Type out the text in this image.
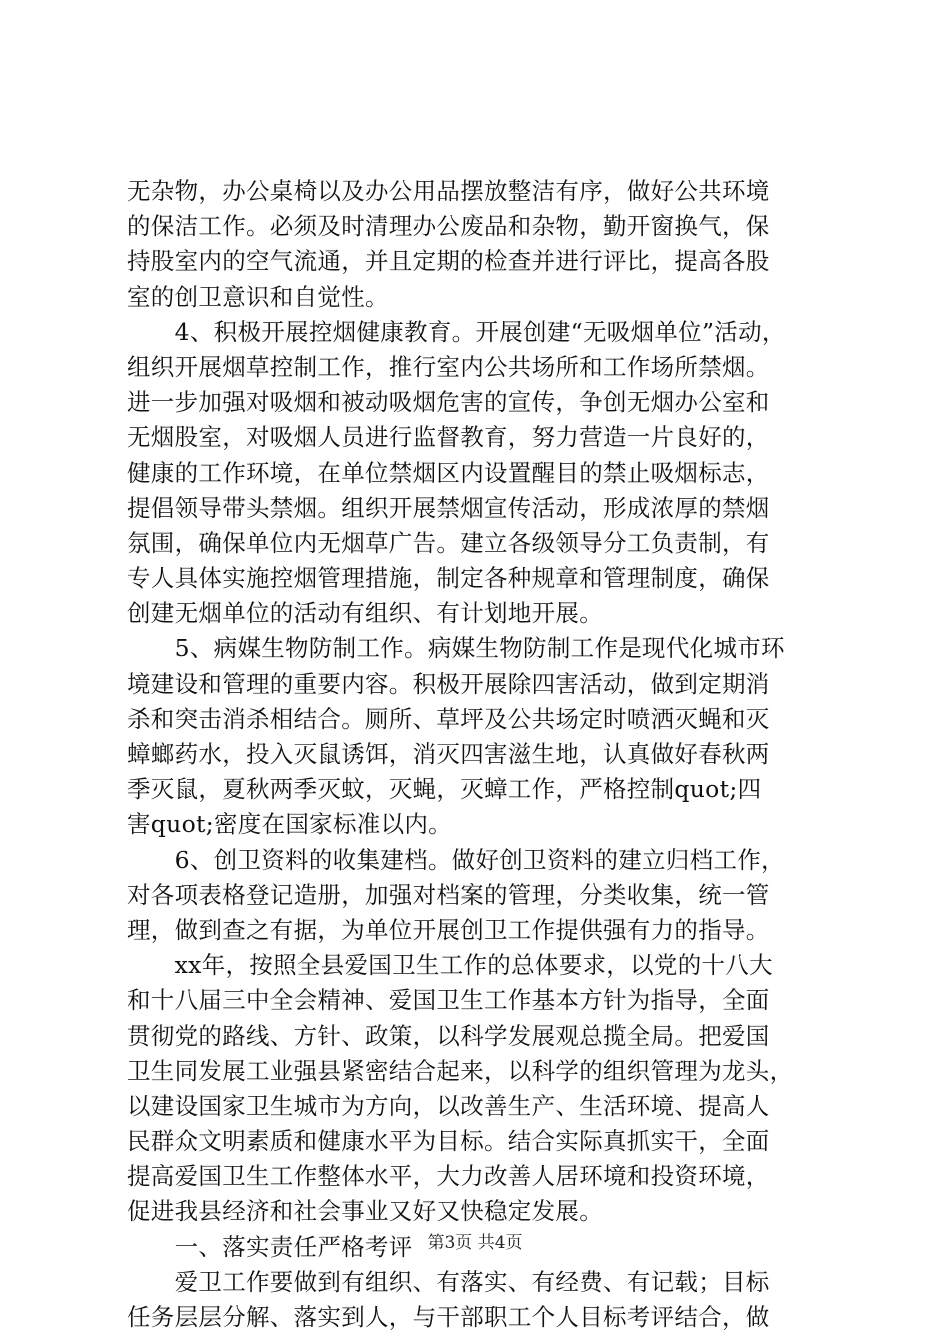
无杂物，办公桌椅以及办公用品摆放整洁有序，做好公共环境
的保洁工作。必须及时清理办公废品和杂物，勤开窗换气，保
持股室内的空气流通，并且定期的检查并进行评比，提高各股
室的创卫意识和自觉性。
　　4、积极开展控烟健康教育。开展创建“无吸烟单位”活动，
组织开展烟草控制工作，推行室内公共场所和工作场所禁烟。
进一步加强对吸烟和被动吸烟危害的宣传，争创无烟办公室和
无烟股室，对吸烟人员进行监督教育，努力营造一片良好的，
健康的工作环境，在单位禁烟区内设置醒目的禁止吸烟标志，
提倡领导带头禁烟。组织开展禁烟宣传活动，形成浓厚的禁烟
氛围，确保单位内无烟草广告。建立各级领导分工负责制，有
专人具体实施控烟管理措施，制定各种规章和管理制度，确保
创建无烟单位的活动有组织、有计划地开展。
　　5、病媒生物防制工作。病媒生物防制工作是现代化城市环
境建设和管理的重要内容。积极开展除四害活动，做到定期消
杀和突击消杀相结合。厕所、草坪及公共场定时喷洒灭蝇和灭
蟑螂药水，投入灭鼠诱饵，消灭四害滋生地，认真做好春秋两
季灭鼠，夏秋两季灭蚊，灭蝇，灭蟑工作，严格控制quot;四
害quot;密度在国家标准以内。
　　6、创卫资料的收集建档。做好创卫资料的建立归档工作，
对各项表格登记造册，加强对档案的管理，分类收集，统一管
理，做到查之有据，为单位开展创卫工作提供强有力的指导。
　　xx年，按照全县爱国卫生工作的总体要求，以党的十八大
和十八届三中全会精神、爱国卫生工作基本方针为指导，全面
贯彻党的路线、方针、政策，以科学发展观总揽全局。把爱国
卫生同发展工业强县紧密结合起来，以科学的组织管理为龙头，
以建设国家卫生城市为方向，以改善生产、生活环境、提高人
民群众文明素质和健康水平为目标。结合实际真抓实干，全面
提高爱国卫生工作整体水平，大力改善人居环境和投资环境，
促进我县经济和社会事业又好又快稳定发展。
　　一、落实责任严格考评
　　爱卫工作要做到有组织、有落实、有经费、有记载；目标
任务层层分解、落实到人，与干部职工个人目标考评结合，做
第3页 共4页
